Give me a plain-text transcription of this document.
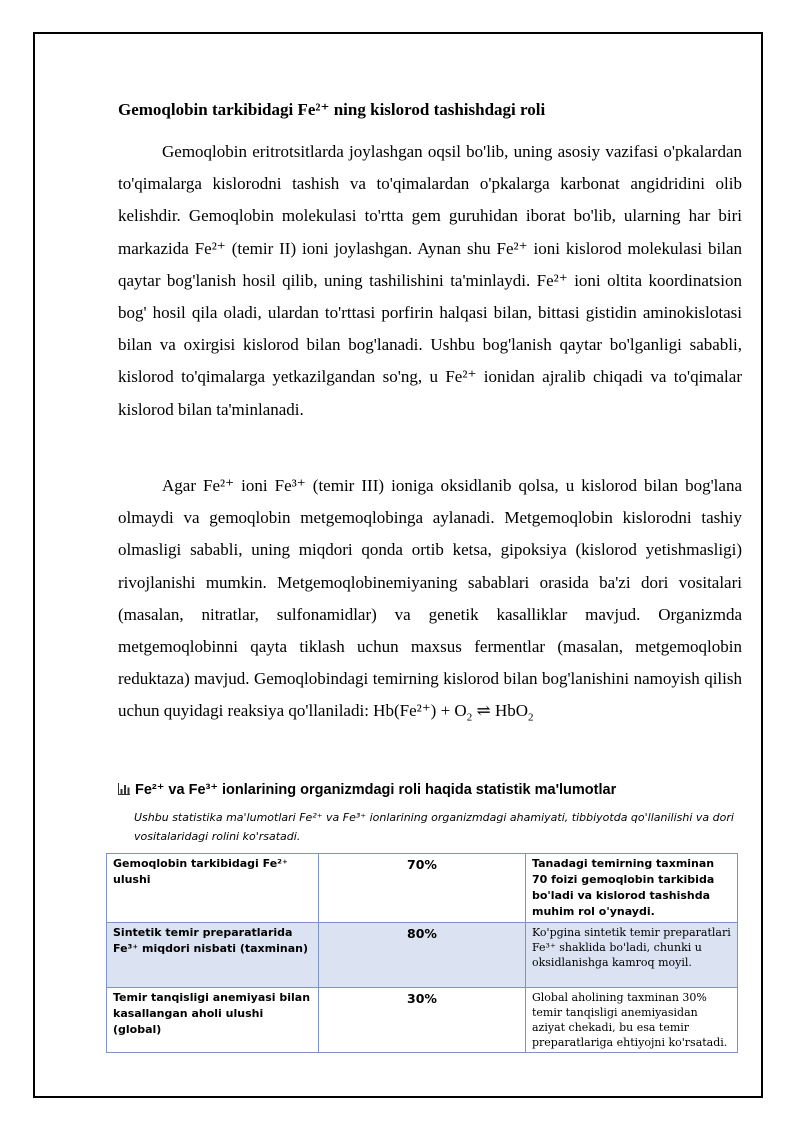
Gemoqlobin tarkibidagi Fe²⁺ ning kislorod tashishdagi roli

Gemoqlobin eritrotsitlarda joylashgan oqsil bo'lib, uning asosiy vazifasi o'pkalardan to'qimalarga kislorodni tashish va to'qimalardan o'pkalarga karbonat angidridini olib kelishdir. Gemoqlobin molekulasi to'rtta gem guruhidan iborat bo'lib, ularning har biri markazida Fe²⁺ (temir II) ioni joylashgan. Aynan shu Fe²⁺ ioni kislorod molekulasi bilan qaytar bog'lanish hosil qilib, uning tashilishini ta'minlaydi. Fe²⁺ ioni oltita koordinatsion bog' hosil qila oladi, ulardan to'rttasi porfirin halqasi bilan, bittasi gistidin aminokislotasi bilan va oxirgisi kislorod bilan bog'lanadi. Ushbu bog'lanish qaytar bo'lganligi sababli, kislorod to'qimalarga yetkazilgandan so'ng, u Fe²⁺ ionidan ajralib chiqadi va to'qimalar kislorod bilan ta'minlanadi.

Agar Fe²⁺ ioni Fe³⁺ (temir III) ioniga oksidlanib qolsa, u kislorod bilan bog'lana olmaydi va gemoqlobin metgemoqlobinga aylanadi. Metgemoqlobin kislorodni tashiy olmasligi sababli, uning miqdori qonda ortib ketsa, gipoksiya (kislorod yetishmasligi) rivojlanishi mumkin. Metgemoqlobinemiyaning sabablari orasida ba'zi dori vositalari (masalan, nitratlar, sulfonamidlar) va genetik kasalliklar mavjud. Organizmda metgemoqlobinni qayta tiklash uchun maxsus fermentlar (masalan, metgemoqlobin reduktaza) mavjud. Gemoqlobindagi temirning kislorod bilan bog'lanishini namoyish qilish uchun quyidagi reaksiya qo'llaniladi: $Hb(Fe^{2+}) + O_2$ ⇌ HbO$_2$

Fe²⁺ va Fe³⁺ ionlarining organizmdagi roli haqida statistik ma'lumotlar
Ushbu statistika ma'lumotlari Fe²⁺ va Fe³⁺ ionlarining organizmdagi ahamiyati, tibbiyotda qo'llanilishi va dori vositalaridagi rolini ko'rsatadi.
Gemoqlobin tarkibidagi Fe²⁺ ulushi	70%	Tanadagi temirning taxminan 70 foizi gemoqlobin tarkibida bo'ladi va kislorod tashishda muhim rol o'ynaydi.
Sintetik temir preparatlarida Fe³⁺ miqdori nisbati (taxminan)	80%	Ko'pgina sintetik temir preparatlari Fe³⁺ shaklida bo'ladi, chunki u oksidlanishga kamroq moyil.
Temir tanqisligi anemiyasi bilan kasallangan aholi ulushi (global)	30%	Global aholining taxminan 30% temir tanqisligi anemiyasidan aziyat chekadi, bu esa temir preparatlariga ehtiyojni ko'rsatadi.
